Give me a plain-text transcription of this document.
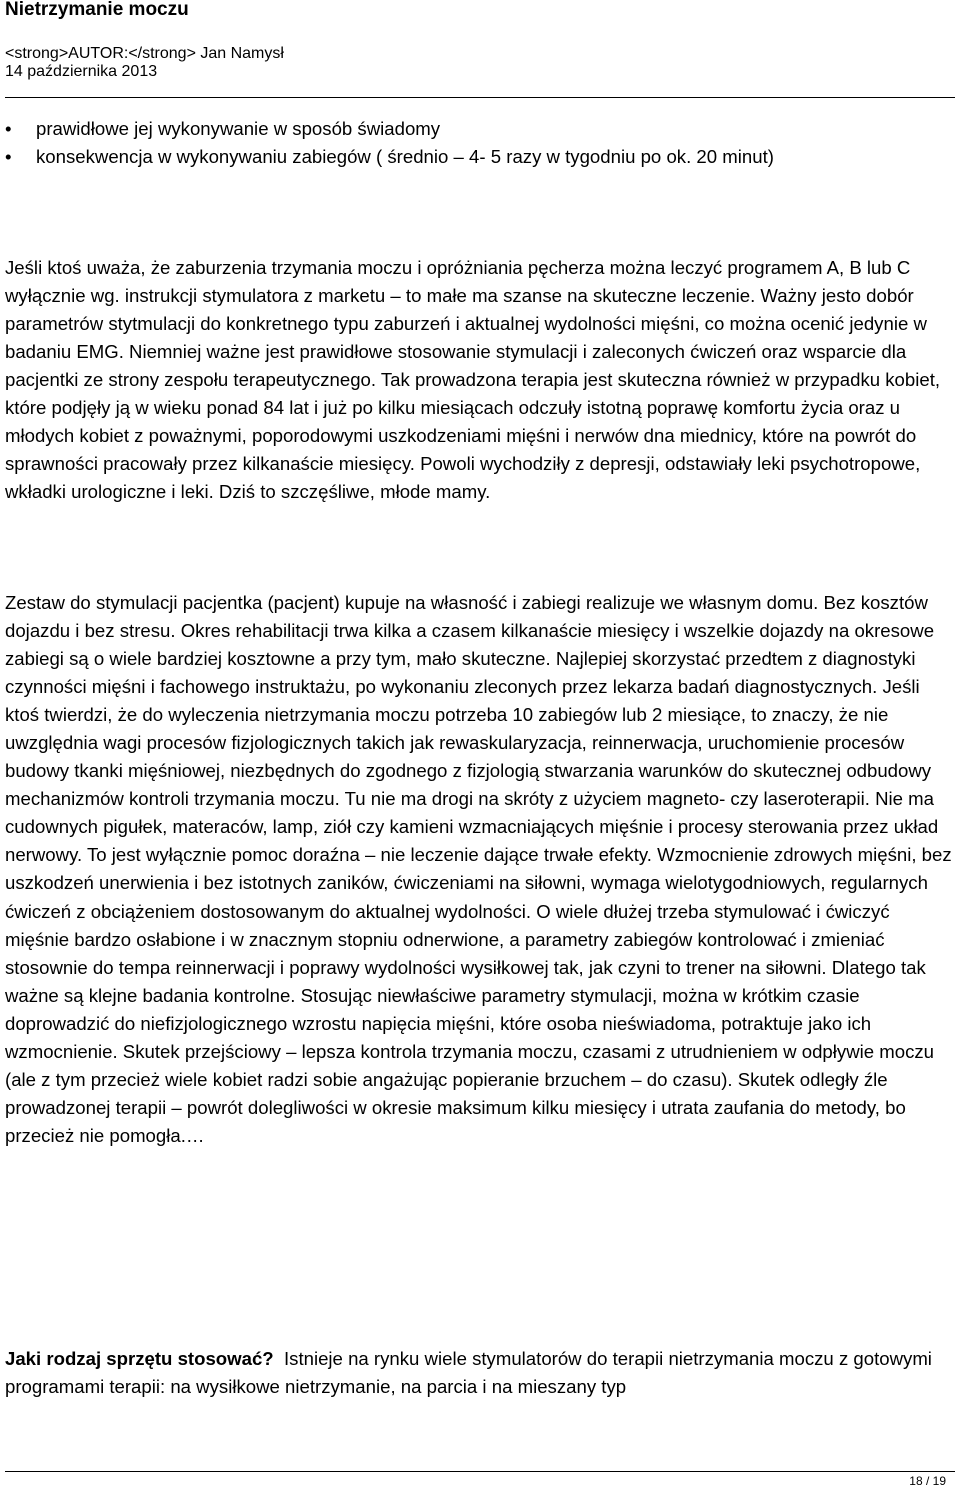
Nietrzymanie moczu

<strong>AUTOR:</strong> Jan Namysł
14 października 2013
• prawidłowe jej wykonywanie w sposób świadomy
• konsekwencja w wykonywaniu zabiegów ( średnio – 4- 5 razy w tygodniu po ok. 20 minut)

Jeśli ktoś uważa, że zaburzenia trzymania moczu i opróżniania pęcherza można leczyć programem A, B lub C wyłącznie wg. instrukcji stymulatora z marketu – to małe ma szanse na skuteczne leczenie. Ważny jesto dobór parametrów stytmulacji do konkretnego typu zaburzeń i aktualnej wydolności mięśni, co można ocenić jedynie w badaniu EMG. Niemniej ważne jest prawidłowe stosowanie stymulacji i zaleconych ćwiczeń oraz wsparcie dla pacjentki ze strony zespołu terapeutycznego. Tak prowadzona terapia jest skuteczna również w przypadku kobiet, które podjęły ją w wieku ponad 84 lat i już po kilku miesiącach odczuły istotną poprawę komfortu życia oraz u młodych kobiet z poważnymi, poporodowymi uszkodzeniami mięśni i nerwów dna miednicy, które na powrót do sprawności pracowały przez kilkanaście miesięcy. Powoli wychodziły z depresji, odstawiały leki psychotropowe, wkładki urologiczne i leki. Dziś to szczęśliwe, młode mamy.

Zestaw do stymulacji pacjentka (pacjent) kupuje na własność i zabiegi realizuje we własnym domu. Bez kosztów dojazdu i bez stresu. Okres rehabilitacji trwa kilka a czasem kilkanaście miesięcy i wszelkie dojazdy na okresowe zabiegi są o wiele bardziej kosztowne a przy tym, mało skuteczne. Najlepiej skorzystać przedtem z diagnostyki czynności mięśni i fachowego instruktażu, po wykonaniu zleconych przez lekarza badań diagnostycznych. Jeśli ktoś twierdzi, że do wyleczenia nietrzymania moczu potrzeba 10 zabiegów lub 2 miesiące, to znaczy, że nie uwzględnia wagi procesów fizjologicznych takich jak rewaskularyzacja, reinnerwacja, uruchomienie procesów budowy tkanki mięśniowej, niezbędnych do zgodnego z fizjologią stwarzania warunków do skutecznej odbudowy mechanizmów kontroli trzymania moczu. Tu nie ma drogi na skróty z użyciem magneto- czy laseroterapii. Nie ma cudownych pigułek, materaców, lamp, ziół czy kamieni wzmacniających mięśnie i procesy sterowania przez układ nerwowy. To jest wyłącznie pomoc doraźna – nie leczenie dające trwałe efekty. Wzmocnienie zdrowych mięśni, bez uszkodzeń unerwienia i bez istotnych zaników, ćwiczeniami na siłowni, wymaga wielotygodniowych, regularnych ćwiczeń z obciążeniem dostosowanym do aktualnej wydolności. O wiele dłużej trzeba stymulować i ćwiczyć mięśnie bardzo osłabione i w znacznym stopniu odnerwione, a parametry zabiegów kontrolować i zmieniać stosownie do tempa reinnerwacji i poprawy wydolności wysiłkowej tak, jak czyni to trener na siłowni. Dlatego tak ważne są klejne badania kontrolne. Stosując niewłaściwe parametry stymulacji, można w krótkim czasie doprowadzić do niefizjologicznego wzrostu napięcia mięśni, które osoba nieświadoma, potraktuje jako ich wzmocnienie. Skutek przejściowy – lepsza kontrola trzymania moczu, czasami z utrudnieniem w odpływie moczu (ale z tym przecież wiele kobiet radzi sobie angażując popieranie brzuchem – do czasu). Skutek odległy źle prowadzonej terapii – powrót dolegliwości w okresie maksimum kilku miesięcy i utrata zaufania do metody, bo przecież nie pomogła.…

Jaki rodzaj sprzętu stosować?  Istnieje na rynku wiele stymulatorów do terapii nietrzymania moczu z gotowymi programami terapii: na wysiłkowe nietrzymanie, na parcia i na mieszany typ

18 / 19
